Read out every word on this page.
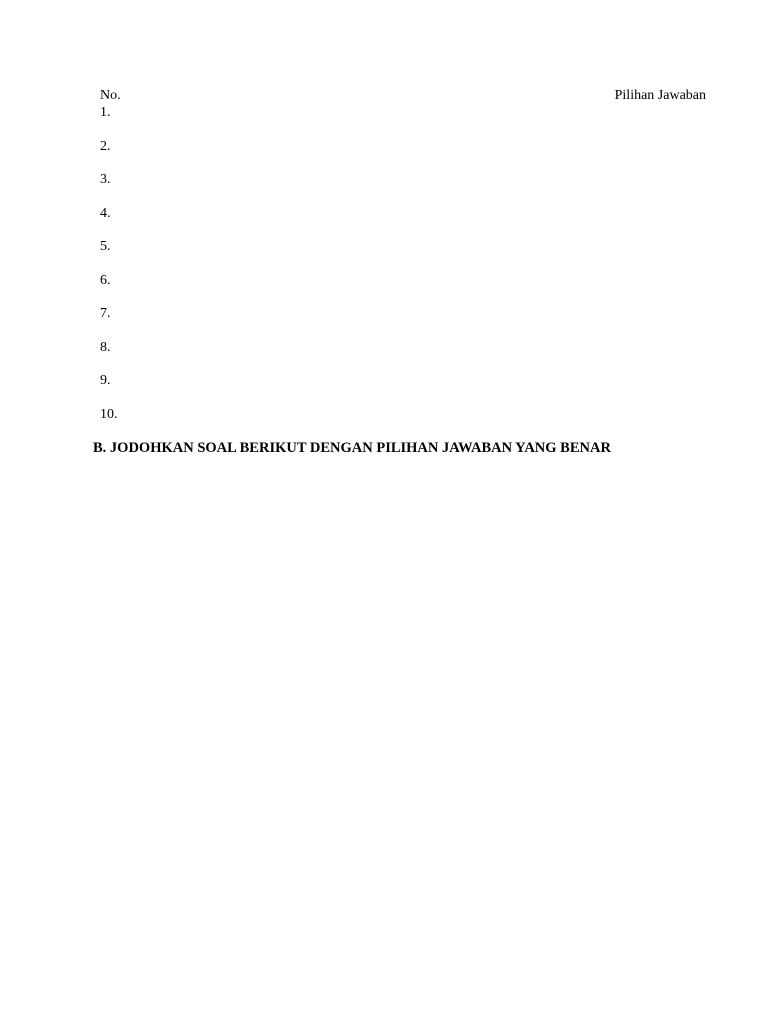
No.	Pilihan Jawaban
1.
2.
3.
4.
5.
6.
7.
8.
9.
10.
B. JODOHKAN SOAL BERIKUT DENGAN PILIHAN JAWABAN YANG BENAR
